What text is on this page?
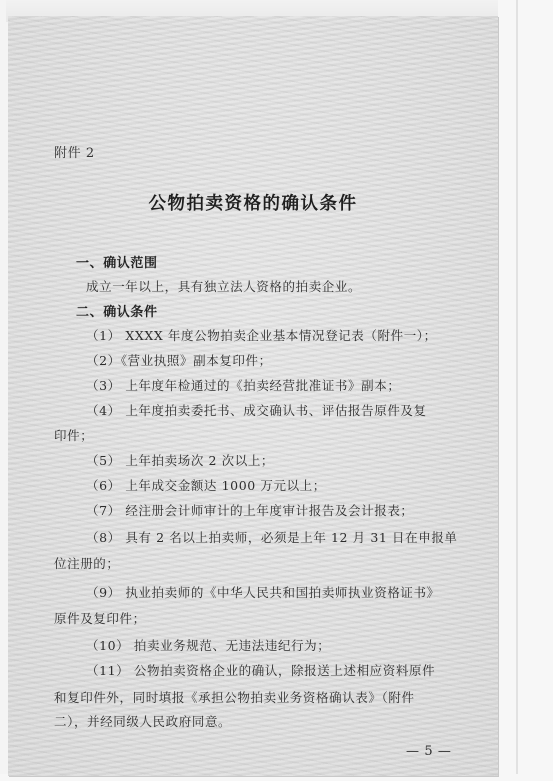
附件 2
公物拍卖资格的确认条件
一、确认范围
成立一年以上，具有独立法人资格的拍卖企业。
二、确认条件
（1） XXXX 年度公物拍卖企业基本情况登记表（附件一）；
（2）《营业执照》副本复印件；
（3） 上年度年检通过的《拍卖经营批准证书》副本；
（4） 上年度拍卖委托书、成交确认书、评估报告原件及复
印件；
（5） 上年拍卖场次 2 次以上；
（6） 上年成交金额达 1000 万元以上；
（7） 经注册会计师审计的上年度审计报告及会计报表；
（8） 具有 2 名以上拍卖师，必须是上年 12 月 31 日在申报单
位注册的；
（9） 执业拍卖师的《中华人民共和国拍卖师执业资格证书》
原件及复印件；
（10） 拍卖业务规范、无违法违纪行为；
（11） 公物拍卖资格企业的确认，除报送上述相应资料原件
和复印件外，同时填报《承担公物拍卖业务资格确认表》（附件
二），并经同级人民政府同意。
— 5 —
